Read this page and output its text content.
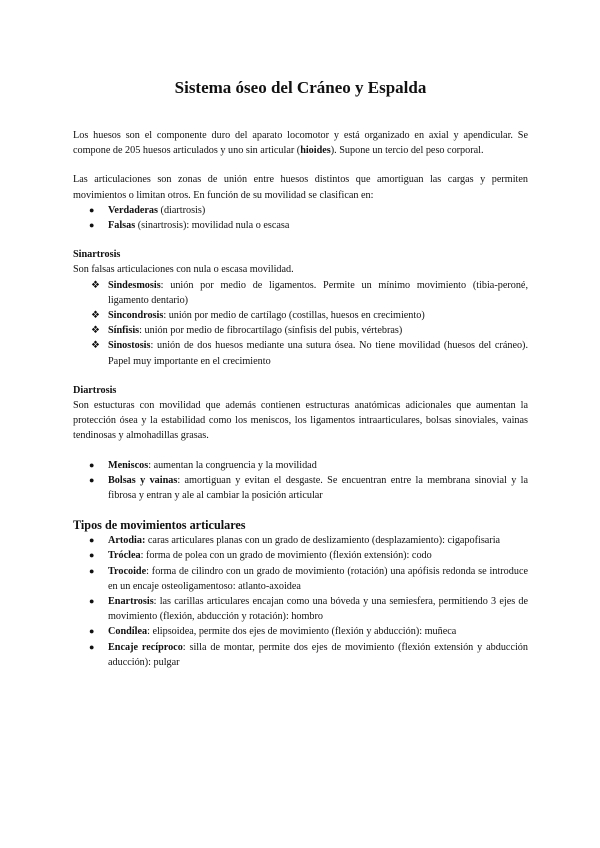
Sistema óseo del Cráneo y Espalda

Los huesos son el componente duro del aparato locomotor y está organizado en axial y apendicular. Se compone de 205 huesos articulados y uno sin articular (hioides). Supone un tercio del peso corporal.

Las articulaciones son zonas de unión entre huesos distintos que amortiguan las cargas y permiten movimientos o limitan otros. En función de su movilidad se clasifican en:

● Verdaderas (diartrosis)
● Falsas (sinartrosis): movilidad nula o escasa
Sinartrosis

Son falsas articulaciones con nula o escasa movilidad.

❖ Sindesmosis: unión por medio de ligamentos. Permite un mínimo movimiento (tibia-peroné, ligamento dentario)
❖ Sincondrosis: unión por medio de cartílago (costillas, huesos en crecimiento)
❖ Sínfisis: unión por medio de fibrocartílago (sínfisis del pubis, vértebras)
❖ Sinostosis: unión de dos huesos mediante una sutura ósea. No tiene movilidad (huesos del cráneo). Papel muy importante en el crecimiento
Diartrosis

Son estucturas con movilidad que además contienen estructuras anatómicas adicionales que aumentan la protección ósea y la estabilidad como los meniscos, los ligamentos intraarticulares, bolsas sinoviales, vainas tendinosas y almohadillas grasas.

● Meniscos: aumentan la congruencia y la movilidad
● Bolsas y vainas: amortiguan y evitan el desgaste. Se encuentran entre la membrana sinovial y la fibrosa y entran y ale al cambiar la posición articular
Tipos de movimientos articulares
● Artodia: caras articulares planas con un grado de deslizamiento (desplazamiento): cigapofisaria
● Tróclea: forma de polea con un grado de movimiento (flexión extensión): codo
● Trocoide: forma de cilindro con un grado de movimiento (rotación) una apófisis redonda se introduce en un encaje osteoligamentoso: atlanto-axoidea
● Enartrosis: las carillas articulares encajan como una bóveda y una semiesfera, permitiendo 3 ejes de movimiento (flexión, abducción y rotación): hombro
● Condílea: elipsoidea, permite dos ejes de movimiento (flexión y abducción): muñeca
● Encaje recíproco: silla de montar, permite dos ejes de movimiento (flexión extensión y abducción aducción): pulgar
